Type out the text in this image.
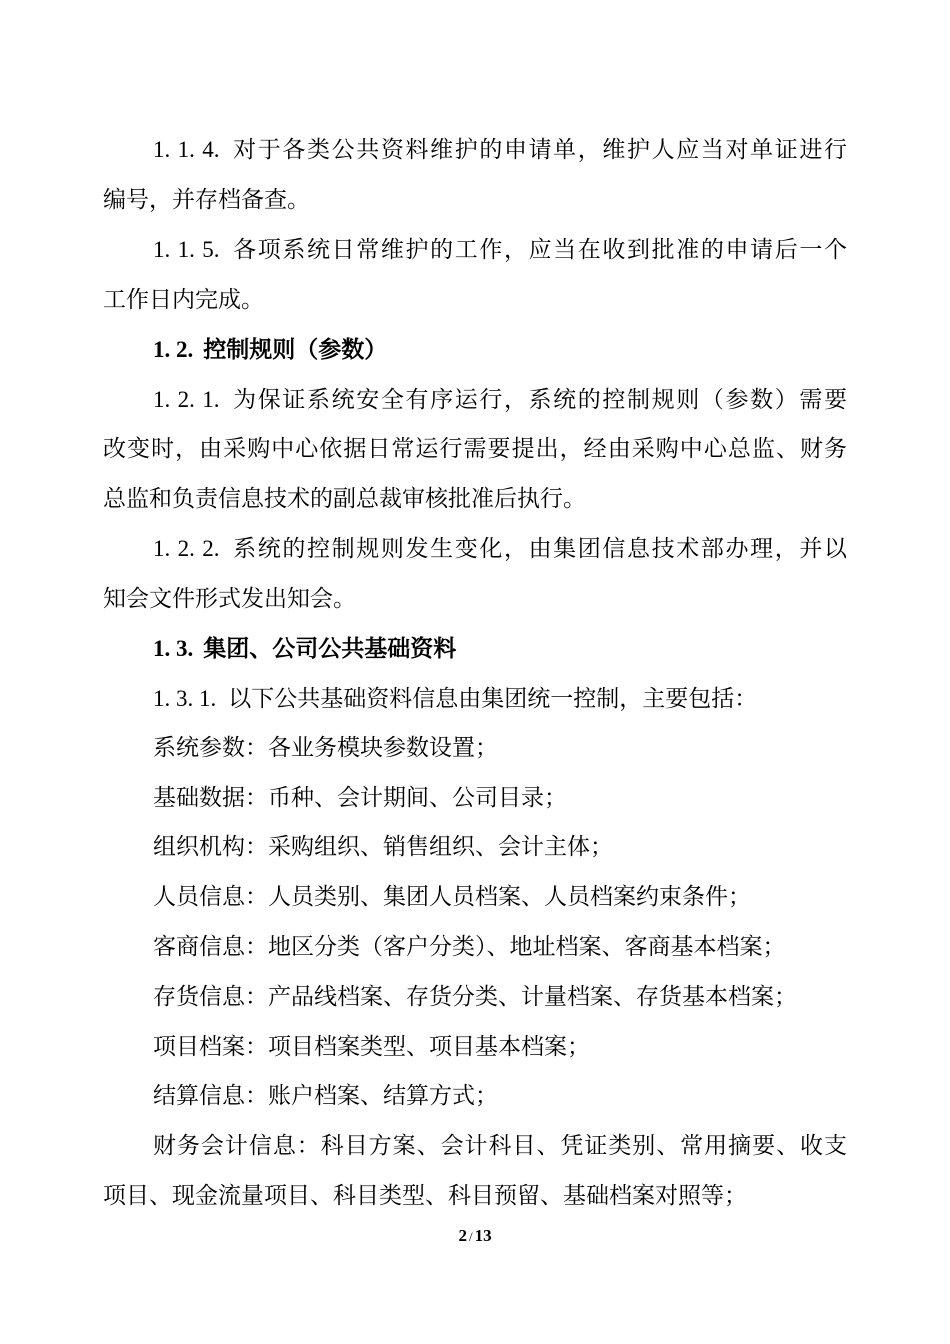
1. 1. 4. 对于各类公共资料维护的申请单，维护人应当对单证进行
编号，并存档备查。
1. 1. 5. 各项系统日常维护的工作，应当在收到批准的申请后一个
工作日内完成。
1. 2. 控制规则（参数）
1. 2. 1. 为保证系统安全有序运行，系统的控制规则（参数）需要
改变时，由采购中心依据日常运行需要提出，经由采购中心总监、财务
总监和负责信息技术的副总裁审核批准后执行。
1. 2. 2. 系统的控制规则发生变化，由集团信息技术部办理，并以
知会文件形式发出知会。
1. 3. 集团、公司公共基础资料
1. 3. 1. 以下公共基础资料信息由集团统一控制，主要包括：
系统参数：各业务模块参数设置；
基础数据：币种、会计期间、公司目录；
组织机构：采购组织、销售组织、会计主体；
人员信息：人员类别、集团人员档案、人员档案约束条件；
客商信息：地区分类（客户分类）、地址档案、客商基本档案；
存货信息：产品线档案、存货分类、计量档案、存货基本档案；
项目档案：项目档案类型、项目基本档案；
结算信息：账户档案、结算方式；
财务会计信息：科目方案、会计科目、凭证类别、常用摘要、收支
项目、现金流量项目、科目类型、科目预留、基础档案对照等；
2 / 13
